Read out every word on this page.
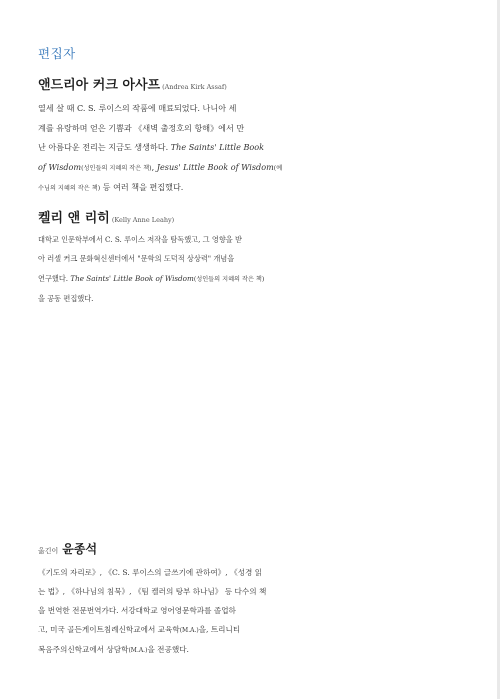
편집자
앤드리아 커크 아사프 (Andrea Kirk Assaf)

열세 살 때 C. S. 루이스의 작품에 매료되었다. 나니아 세
계를 유랑하며 얻은 기쁨과 《새벽 출정호의 항해》에서 만
난 아름다운 전리는 지금도 생생하다. The Saints' Little Book
of Wisdom(성인들의 지혜의 작은 책), Jesus' Little Book of Wisdom(예
수님의 지혜의 작은 책) 등 여러 책을 편집했다.

켈리 앤 리히 (Kelly Anne Leahy)

대학교 인문학부에서 C. S. 루이스 저작을 탐독했고, 그 영향을 받
아 러셀 커크 문화혁신센터에서 "문학의 도덕적 상상력" 개념을
연구했다. The Saints' Little Book of Wisdom(성인들의 지혜의 작은 책)
을 공동 편집했다.

옮긴이 윤종석

《기도의 자리로》, 《C. S. 루이스의 글쓰기에 관하여》, 《성경 읽
는 법》, 《하나님의 침묵》, 《팀 켈러의 탕부 하나님》 등 다수의 책
을 번역한 전문번역가다. 서강대학교 영어영문학과를 졸업하
고, 미국 골든게이트침례신학교에서 교육학(M.A.)을, 트리니티
복음주의신학교에서 상담학(M.A.)을 전공했다.
